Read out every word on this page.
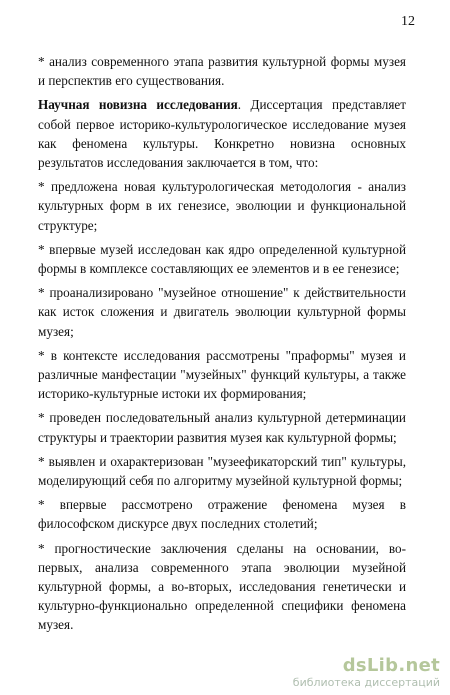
12

* анализ современного этапа развития культурной формы музея и перспектив его существования.

Научная новизна исследования. Диссертация представляет собой первое историко-культурологическое исследование музея как феномена культуры. Конкретно новизна основных результатов исследования заключается в том, что:

* предложена новая культурологическая методология - анализ культурных форм в их генезисе, эволюции и функциональной структуре;

* впервые музей исследован как ядро определенной культурной формы в комплексе составляющих ее элементов и в ее генезисе;

* проанализировано "музейное отношение" к действительности как исток сложения и двигатель эволюции культурной формы музея;

* в контексте исследования рассмотрены "праформы" музея и различные манфестации "музейных" функций культуры, а также историко-культурные истоки их формирования;

* проведен последовательный анализ культурной детерминации структуры и траектории развития музея как культурной формы;

* выявлен и охарактеризован "музеефикаторский тип" культуры, моделирующий себя по алгоритму музейной культурной формы;

* впервые рассмотрено отражение феномена музея в философском дискурсе двух последних столетий;

* прогностические заключения сделаны на основании, во-первых, анализа современного этапа эволюции музейной культурной формы, а во-вторых, исследования генетически и культурно-функционально определенной специфики феномена музея.

dsLib.net
библиотека диссертаций
